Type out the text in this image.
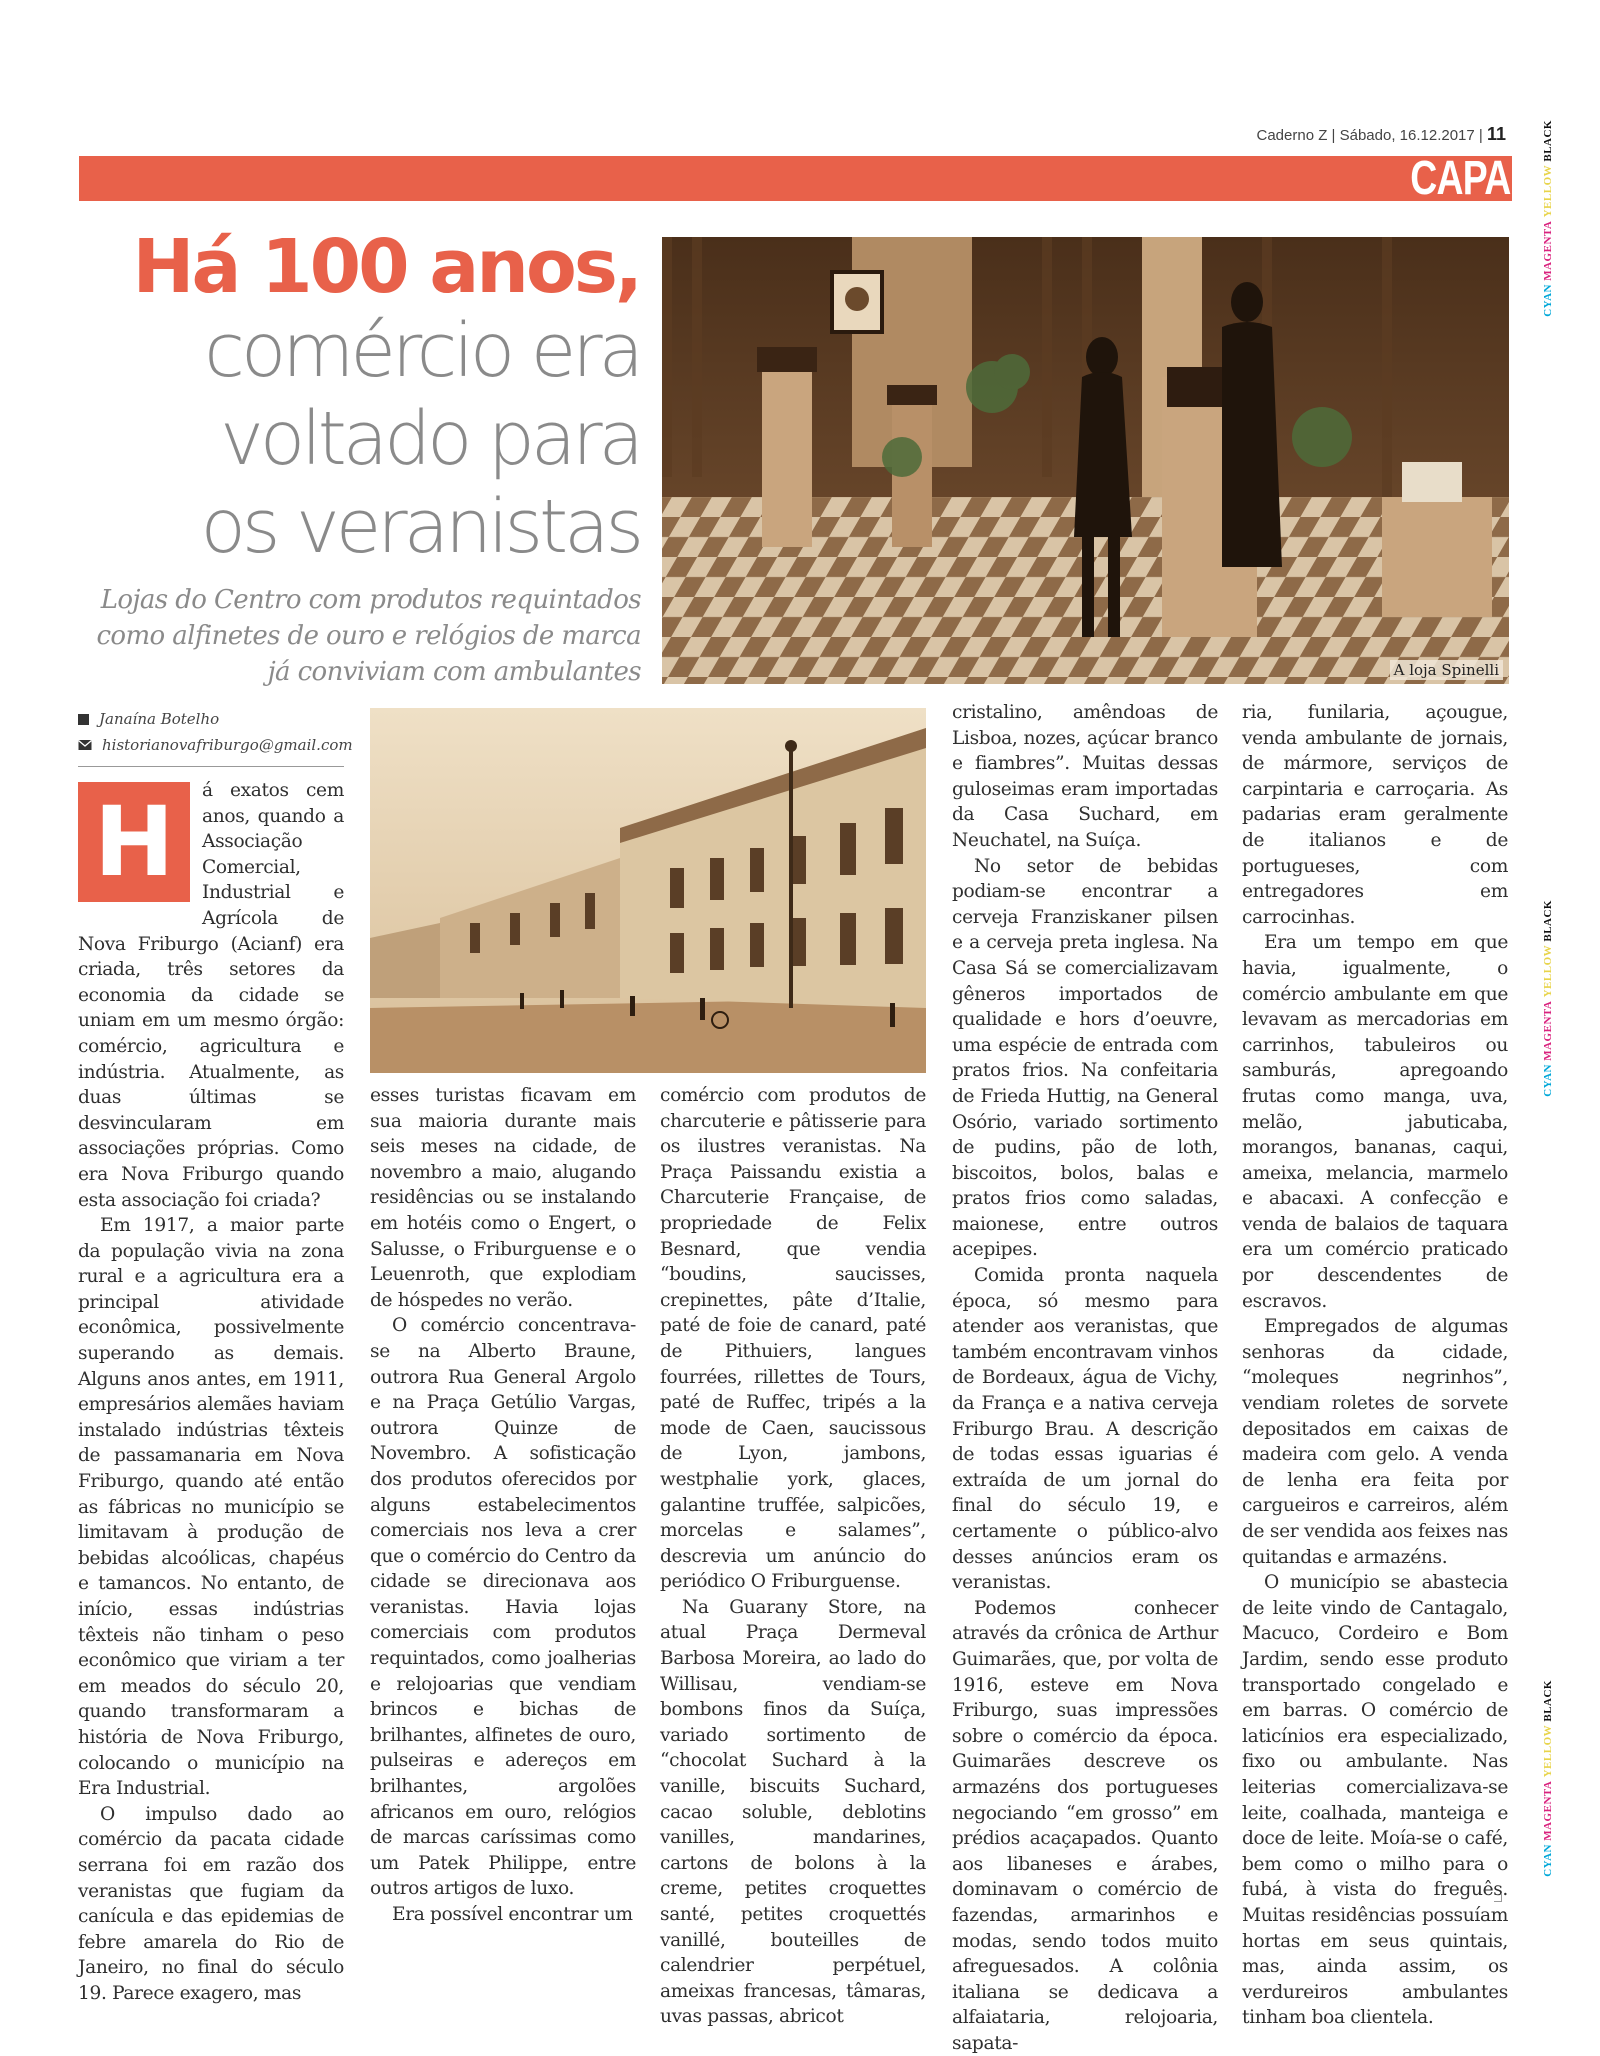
Caderno Z | Sábado, 16.12.2017 | 11
CAPA
CYAN MAGENTA YELLOW BLACK
CYAN MAGENTA YELLOW BLACK
CYAN MAGENTA YELLOW BLACK
Há 100 anos,
comércio era
voltado para
os veranistas
Lojas do Centro com produtos requintados
como alfinetes de ouro e relógios de marca
já conviviam com ambulantes	A loja Spinelli
Janaína Botelho
historianovafriburgo@gmail.com

H	á exatos cem anos, quando a Associação Comercial, Industrial e Agrícola de Nova Friburgo (Acianf) era criada, três setores da economia da cidade se uniam em um mesmo órgão: comércio, agricultura e indústria. Atualmente, as duas últimas se desvincularam em associações próprias. Como era Nova Friburgo quando esta associação foi criada?

Em 1917, a maior parte da população vivia na zona rural e a agricultura era a principal atividade econômica, possivelmente superando as demais. Alguns anos antes, em 1911, empresários alemães haviam instalado indústrias têxteis de passamanaria em Nova Friburgo, quando até então as fábricas no município se limitavam à produção de bebidas alcoólicas, chapéus e tamancos. No entanto, de início, essas indústrias têxteis não tinham o peso econômico que viriam a ter em meados do século 20, quando transformaram a história de Nova Friburgo, colocando o município na Era Industrial.

O impulso dado ao comércio da pacata cidade serrana foi em razão dos veranistas que fugiam da canícula e das epidemias de febre amarela do Rio de Janeiro, no final do século 19. Parece exagero, mas

esses turistas ficavam em sua maioria durante mais seis meses na cidade, de novembro a maio, alugando residências ou se instalando em hotéis como o Engert, o Salusse, o Friburguense e o Leuenroth, que explodiam de hóspedes no verão.

O comércio concentrava-se na Alberto Braune, outrora Rua General Argolo e na Praça Getúlio Vargas, outrora Quinze de Novembro. A sofisticação dos produtos oferecidos por alguns estabelecimentos comerciais nos leva a crer que o comércio do Centro da cidade se direcionava aos veranistas. Havia lojas comerciais com produtos requintados, como joalherias e relojoarias que vendiam brincos e bichas de brilhantes, alfinetes de ouro, pulseiras e adereços em brilhantes, argolões africanos em ouro, relógios de marcas caríssimas como um Patek Philippe, entre outros artigos de luxo.

Era possível encontrar um

comércio com produtos de charcuterie e pâtisserie para os ilustres veranistas. Na Praça Paissandu existia a Charcuterie Française, de propriedade de Felix Besnard, que vendia “boudins, saucisses, crepinettes, pâte d’Italie, paté de foie de canard, paté de Pithuiers, langues fourrées, rillettes de Tours, paté de Ruffec, tripés a la mode de Caen, saucissous de Lyon, jambons, westphalie york, glaces, galantine truffée, salpicões, morcelas e salames”, descrevia um anúncio do periódico O Friburguense.

Na Guarany Store, na atual Praça Dermeval Barbosa Moreira, ao lado do Willisau, vendiam-se bombons finos da Suíça, variado sortimento de “chocolat Suchard à la vanille, biscuits Suchard, cacao soluble, deblotins vanilles, mandarines, cartons de bolons à la creme, petites croquettes santé, petites croquettés vanillé, bouteilles de calendrier perpétuel, ameixas francesas, tâmaras, uvas passas, abricot

cristalino, amêndoas de Lisboa, nozes, açúcar branco e fiambres”. Muitas dessas guloseimas eram importadas da Casa Suchard, em Neuchatel, na Suíça.

No setor de bebidas podiam-se encontrar a cerveja Franziskaner pilsen e a cerveja preta inglesa. Na Casa Sá se comercializavam gêneros importados de qualidade e hors d’oeuvre, uma espécie de entrada com pratos frios. Na confeitaria de Frieda Huttig, na General Osório, variado sortimento de pudins, pão de loth, biscoitos, bolos, balas e pratos frios como saladas, maionese, entre outros acepipes.

Comida pronta naquela época, só mesmo para atender aos veranistas, que também encontravam vinhos de Bordeaux, água de Vichy, da França e a nativa cerveja Friburgo Brau. A descrição de todas essas iguarias é extraída de um jornal do final do século 19, e certamente o público-alvo desses anúncios eram os veranistas.

Podemos conhecer através da crônica de Arthur Guimarães, que, por volta de 1916, esteve em Nova Friburgo, suas impressões sobre o comércio da época. Guimarães descreve os armazéns dos portugueses negociando “em grosso” em prédios acaçapados. Quanto aos libaneses e árabes, dominavam o comércio de fazendas, armarinhos e modas, sendo todos muito afreguesados. A colônia italiana se dedicava a alfaiataria, relojoaria, sapata-

ria, funilaria, açougue, venda ambulante de jornais, de mármore, serviços de carpintaria e carroçaria. As padarias eram geralmente de italianos e de portugueses, com entregadores em carrocinhas.

Era um tempo em que havia, igualmente, o comércio ambulante em que levavam as mercadorias em carrinhos, tabuleiros ou samburás, apregoando frutas como manga, uva, melão, jabuticaba, morangos, bananas, caqui, ameixa, melancia, marmelo e abacaxi. A confecção e venda de balaios de taquara era um comércio praticado por descendentes de escravos.

Empregados de algumas senhoras da cidade, “moleques negrinhos”, vendiam roletes de sorvete depositados em caixas de madeira com gelo. A venda de lenha era feita por cargueiros e carreiros, além de ser vendida aos feixes nas quitandas e armazéns.

O município se abastecia de leite vindo de Cantagalo, Macuco, Cordeiro e Bom Jardim, sendo esse produto transportado congelado e em barras. O comércio de laticínios era especializado, fixo ou ambulante. Nas leiterias comercializava-se leite, coalhada, manteiga e doce de leite. Moía-se o café, bem como o milho para o fubá, à vista do freguês. Muitas residências possuíam hortas em seus quintais, mas, ainda assim, os verdureiros ambulantes tinham boa clientela.
